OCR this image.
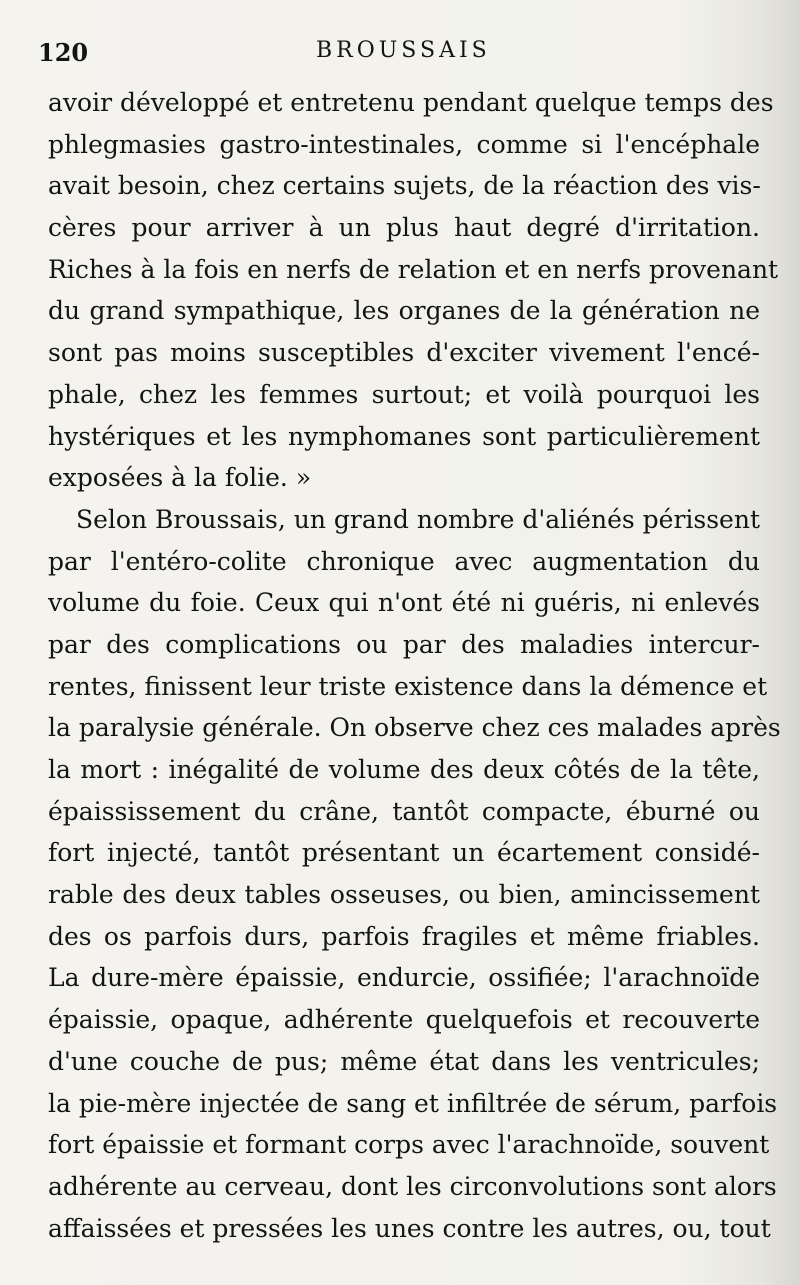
120	BROUSSAIS
avoir développé et entretenu pendant quelque temps des
phlegmasies gastro-intestinales, comme si l'encéphale
avait besoin, chez certains sujets, de la réaction des vis-
cères pour arriver à un plus haut degré d'irritation.
Riches à la fois en nerfs de relation et en nerfs provenant
du grand sympathique, les organes de la génération ne
sont pas moins susceptibles d'exciter vivement l'encé-
phale, chez les femmes surtout; et voilà pourquoi les
hystériques et les nymphomanes sont particulièrement
exposées à la folie. »
Selon Broussais, un grand nombre d'aliénés périssent
par l'entéro-colite chronique avec augmentation du
volume du foie. Ceux qui n'ont été ni guéris, ni enlevés
par des complications ou par des maladies intercur-
rentes, finissent leur triste existence dans la démence et
la paralysie générale. On observe chez ces malades après
la mort : inégalité de volume des deux côtés de la tête,
épaississement du crâne, tantôt compacte, éburné ou
fort injecté, tantôt présentant un écartement considé-
rable des deux tables osseuses, ou bien, amincissement
des os parfois durs, parfois fragiles et même friables.
La dure-mère épaissie, endurcie, ossifiée; l'arachnoïde
épaissie, opaque, adhérente quelquefois et recouverte
d'une couche de pus; même état dans les ventricules;
la pie-mère injectée de sang et infiltrée de sérum, parfois
fort épaissie et formant corps avec l'arachnoïde, souvent
adhérente au cerveau, dont les circonvolutions sont alors
affaissées et pressées les unes contre les autres, ou, tout
